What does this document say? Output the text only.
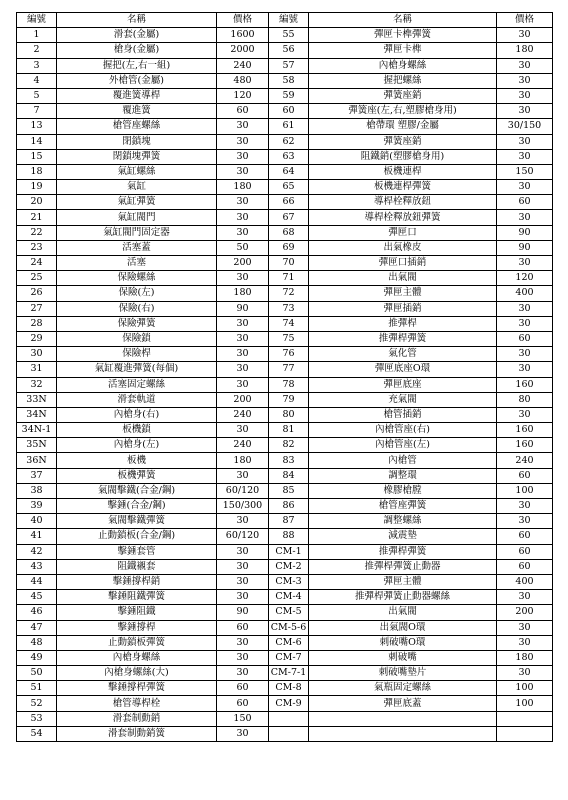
編號	名稱	價格	編號	名稱	價格
1	滑套(金屬)	1600	55	彈匣卡榫彈簧	30
2	槍身(金屬)	2000	56	彈匣卡榫	180
3	握把(左,右一組)	240	57	內槍身螺絲	30
4	外槍管(金屬)	480	58	握把螺絲	30
5	覆進簧導桿	120	59	彈簧座銷	30
7	覆進簧	60	60	彈簧座(左,右,塑膠槍身用)	30
13	槍管座螺絲	30	61	槍帶環 塑膠/金屬	30/150
14	閉鎖塊	30	62	彈簧座銷	30
15	閉鎖塊彈簧	30	63	阻鐵銷(塑膠槍身用)	30
18	氣缸螺絲	30	64	板機連桿	150
19	氣缸	180	65	板機連桿彈簧	30
20	氣缸彈簧	30	66	導桿栓釋放鈕	60
21	氣缸閥門	30	67	導桿栓釋放鈕彈簧	30
22	氣缸閥門固定器	30	68	彈匣口	90
23	活塞蓋	50	69	出氣橡皮	90
24	活塞	200	70	彈匣口插銷	30
25	保險螺絲	30	71	出氣閥	120
26	保險(左)	180	72	彈匣主體	400
27	保險(右)	90	73	彈匣插銷	30
28	保險彈簧	30	74	推彈桿	30
29	保險鎖	30	75	推彈桿彈簧	60
30	保險桿	30	76	氣化管	30
31	氣缸覆進彈簧(每個)	30	77	彈匣底座O環	30
32	活塞固定螺絲	30	78	彈匣底座	160
33N	滑套軌道	200	79	充氣閥	80
34N	內槍身(右)	240	80	槍管插銷	30
34N-1	板機鎖	30	81	內槍管座(右)	160
35N	內槍身(左)	240	82	內槍管座(左)	160
36N	板機	180	83	內槍管	240
37	板機彈簧	30	84	調整環	60
38	氣閥擊鐵(合金/鋼)	60/120	85	橡膠槍膛	100
39	擊錘(合金/鋼)	150/300	86	槍管座彈簧	30
40	氣閥擊鐵彈簧	30	87	調整螺絲	30
41	止動鎖板(合金/鋼)	60/120	88	減震墊	60
42	擊錘套管	30	CM-1	推彈桿彈簧	60
43	阻鐵襯套	30	CM-2	推彈桿彈簧止動器	60
44	擊錘撐桿銷	30	CM-3	彈匣主體	400
45	擊錘阻鐵彈簧	30	CM-4	推彈桿彈簧止動器螺絲	30
46	擊錘阻鐵	90	CM-5	出氣閥	200
47	擊錘撐桿	60	CM-5-6	出氣閥O環	30
48	止動鎖板彈簧	30	CM-6	刺破嘴O環	30
49	內槍身螺絲	30	CM-7	刺破嘴	180
50	內槍身螺絲(大)	30	CM-7-1	刺破嘴墊片	30
51	擊錘撐桿彈簧	60	CM-8	氣瓶固定螺絲	100
52	槍管導桿栓	60	CM-9	彈匣底蓋	100
53	滑套制動銷	150			
54	滑套制動銷簧	30			
